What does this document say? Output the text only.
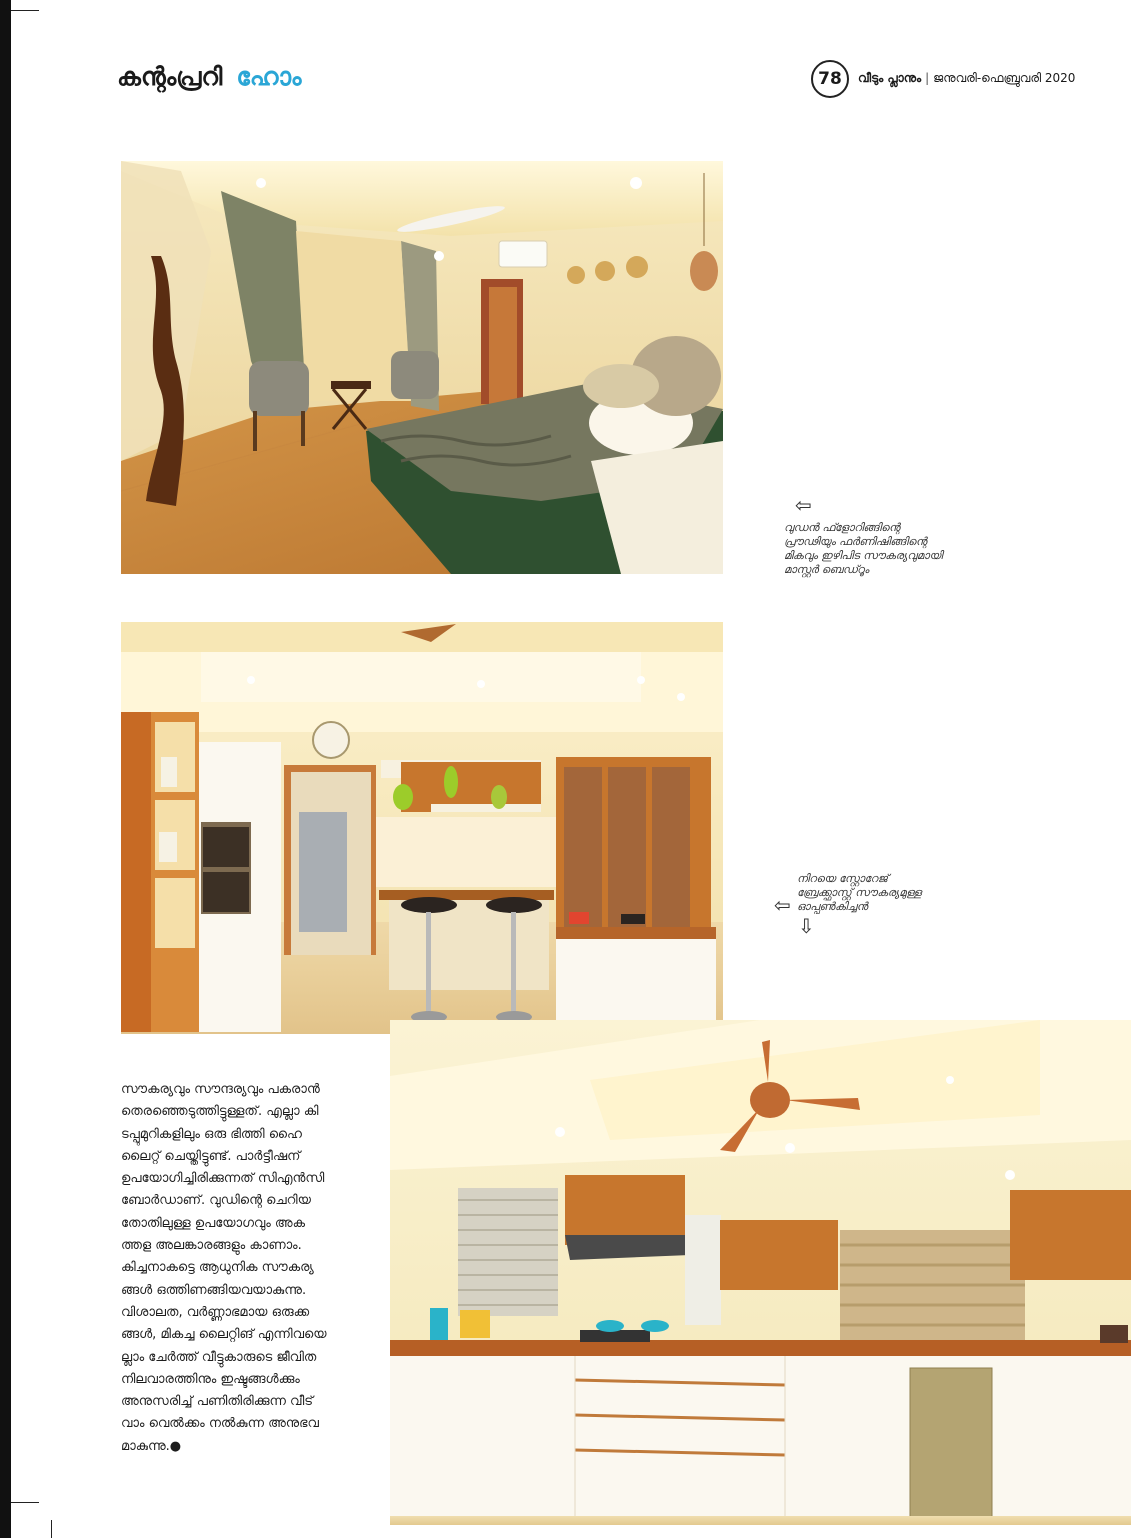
കന്റംപ്രറി ഹോം	78	വീടും പ്ലാനും | ജനുവരി-ഫെബ്രുവരി 2020
⇦
വുഡൻ ഫ്ളോറിങ്ങിന്റെ
പ്രൗഢിയും ഫർണിഷിങ്ങിന്റെ
മികവും ഇഴിപിട സൗകര്യവുമായി
മാസ്റ്റർ ബെഡ്റൂം
നിറയെ സ്റ്റോറേജ്
ബ്രേക്ക്ഫാസ്റ്റ് സൗകര്യമുള്ള
ഓപ്പൺകിച്ചൻ
⇦
⇩

സൗകര്യവും സൗന്ദര്യവും പകരാൻ

തെരഞ്ഞെടുത്തിട്ടുള്ളത്. എല്ലാ കി

ടപ്പുമുറികളിലും ഒരു ഭിത്തി ഹൈ

ലൈറ്റ് ചെയ്തിട്ടുണ്ട്. പാർട്ടീഷന്

ഉപയോഗിച്ചിരിക്കുന്നത് സിഎൻസി

ബോർഡാണ്. വുഡിന്റെ ചെറിയ

തോതിലുള്ള ഉപയോഗവും അക

ത്തള അലങ്കാരങ്ങളും കാണാം.

കിച്ചനാകട്ടെ ആധുനിക സൗകര്യ

ങ്ങൾ ഒത്തിണങ്ങിയവയാകുന്നു.

വിശാലത, വർണ്ണാഭമായ ഒരുക്ക

ങ്ങൾ, മികച്ച ലൈറ്റിങ് എന്നിവയെ

ല്ലാം ചേർത്ത് വീട്ടുകാരുടെ ജീവിത

നിലവാരത്തിനും ഇഷ്ടങ്ങൾക്കും

അനുസരിച്ച് പണിതിരിക്കുന്ന വീട്

വാം വെൽക്കം നൽകുന്ന അനുഭവ

മാകുന്നു.●
